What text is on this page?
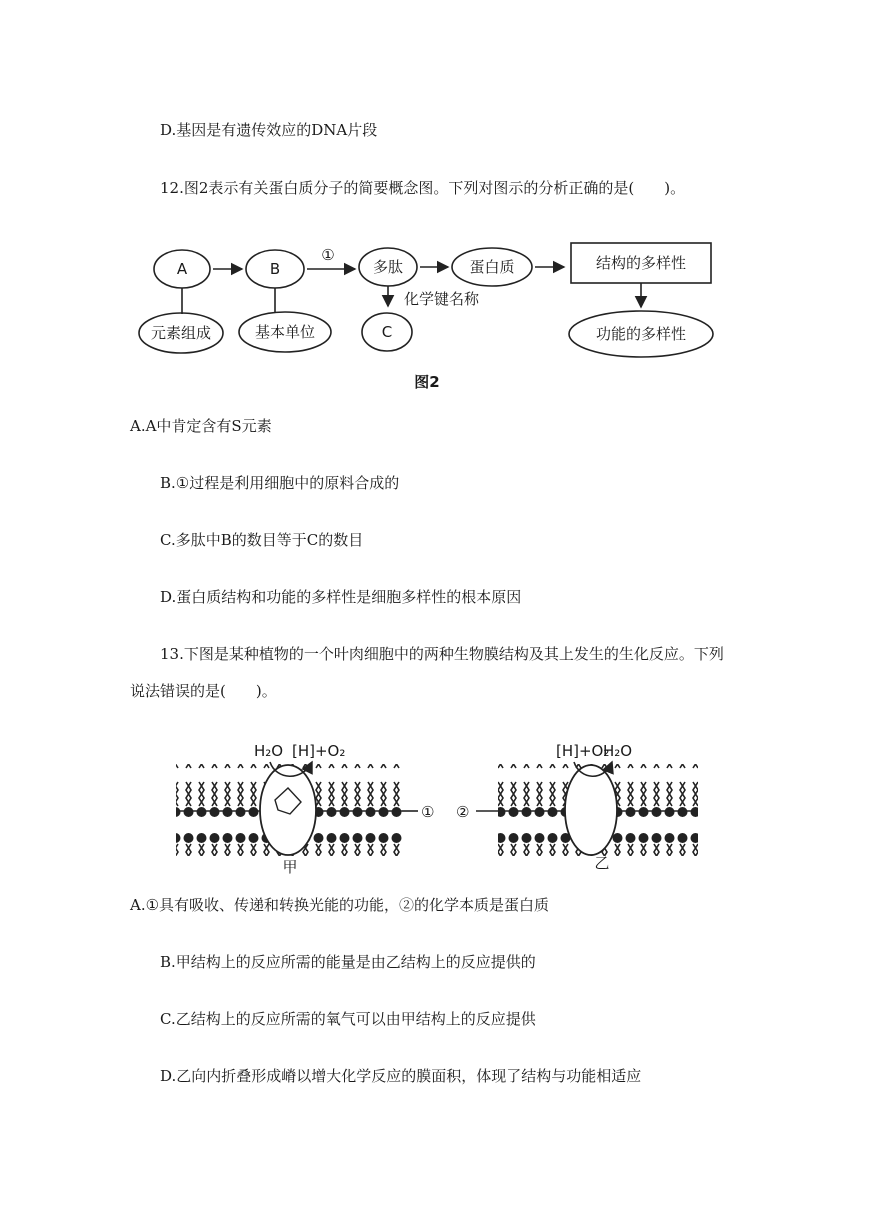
D.基因是有遗传效应的DNA片段
12.图2表示有关蛋白质分子的简要概念图。下列对图示的分析正确的是(　　)。
A	B
①
多肽	蛋白质	结构的多样性
功能的多样性
化学键名称
元素组成	基本单位	C
图2
A.A中肯定含有S元素
B.①过程是利用细胞中的原料合成的
C.多肽中B的数目等于C的数目
D.蛋白质结构和功能的多样性是细胞多样性的根本原因
13.下图是某种植物的一个叶肉细胞中的两种生物膜结构及其上发生的生化反应。下列
说法错误的是(　　)。
H₂O [H]+O₂
①
甲
②
[H]+O₂
H₂O
乙
A.①具有吸收、传递和转换光能的功能，②的化学本质是蛋白质
B.甲结构上的反应所需的能量是由乙结构上的反应提供的
C.乙结构上的反应所需的氧气可以由甲结构上的反应提供
D.乙向内折叠形成嵴以增大化学反应的膜面积，体现了结构与功能相适应
